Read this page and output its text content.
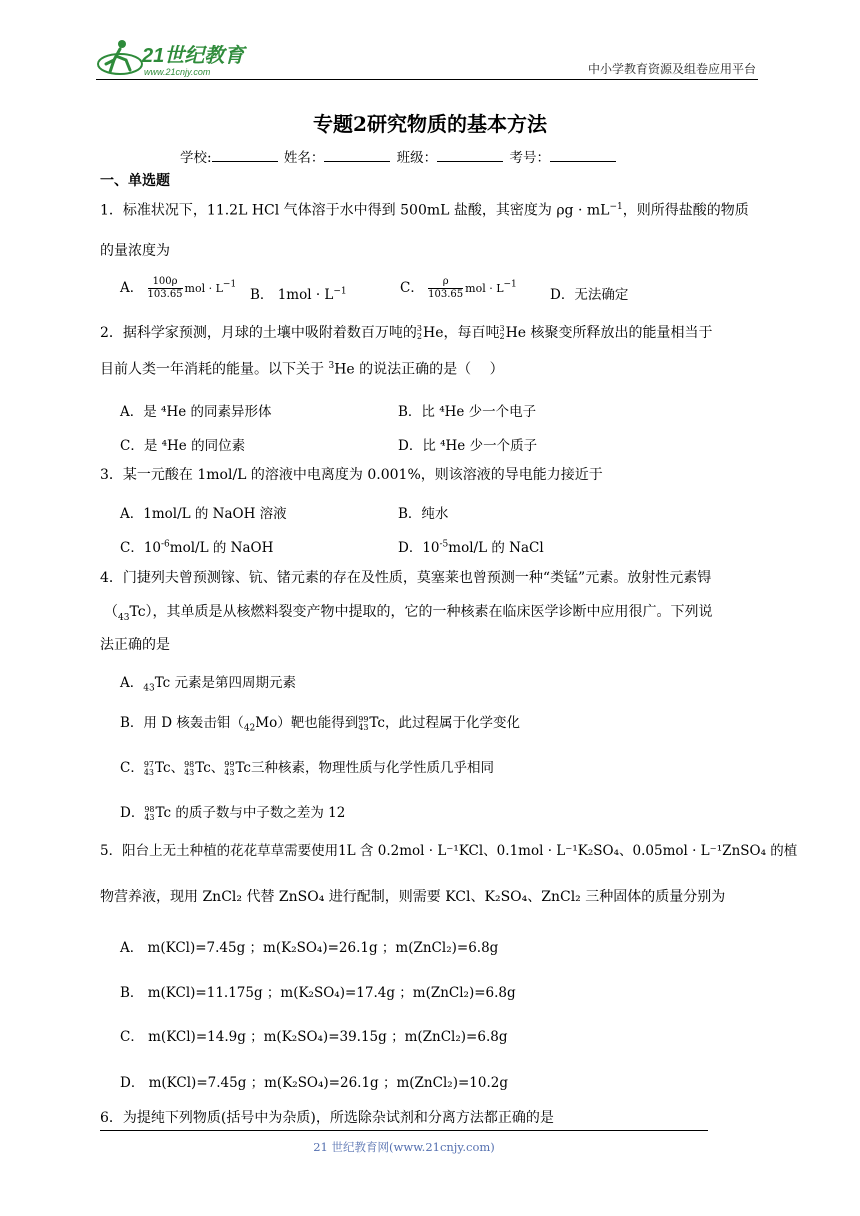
21世纪教育
www.21cnjy.com	中小学教育资源及组卷应用平台
专题2研究物质的基本方法
学校:	姓名：	班级：	考号：
一、单选题
1．标准状况下，11.2L HCl 气体溶于水中得到 500mL 盐酸，其密度为 $\rho g \cdot mL^{-1}$，则所得盐酸的物质
的量浓度为
A． $\frac{100\rho}{103.65}$ mol · $L^{-1}$
B． $1mol \cdot L^{-1}$	C． $\frac{\rho}{103.65}$ mol · $L^{-1}$
D．无法确定
2．据科学家预测，月球的土壤中吸附着数百万吨的 3
2 He，每百吨 3
2 He 核聚变所释放出的能量相当于
目前人类一年消耗的能量。以下关于 $^3$He 的说法正确的是（　 ）
A．是 ⁴He 的同素异形体	B．比 ⁴He 少一个电子
C．是 ⁴He 的同位素	D．比 ⁴He 少一个质子
3．某一元酸在 1mol/L 的溶液中电离度为 0.001%，则该溶液的导电能力接近于
A．1mol/L 的 NaOH 溶液	B．纯水
C．$10^{-6}mol/L$ 的 NaOH	D．$10^{-5}mol/L$ 的 NaCl
4．门捷列夫曾预测镓、钪、锗元素的存在及性质，莫塞莱也曾预测一种“类锰”元素。放射性元素锝
$(_{43}Tc)$，其单质是从核燃料裂变产物中提取的，它的一种核素在临床医学诊断中应用很广。下列说
法正确的是
A．$_{43}$Tc 元素是第四周期元素
B．用 D 核轰击钼$(_{42}Mo)$靶也能得到 99
43 Tc，此过程属于化学变化
C． 97
43 Tc、 98
43 Tc、 99
43 Tc三种核素，物理性质与化学性质几乎相同
D． 98
43 Tc 的质子数与中子数之差为 12
5．阳台上无土种植的花花草草需要使用1L 含 0.2mol · L⁻¹KCl、0.1mol · L⁻¹K₂SO₄、0.05mol · L⁻¹ZnSO₄ 的植
物营养液，现用 ZnCl₂ 代替 ZnSO₄ 进行配制，则需要 KCl、K₂SO₄、ZnCl₂ 三种固体的质量分别为
A． m(KCl)=7.45g ；m(K₂SO₄)=26.1g ；m(ZnCl₂)=6.8g
B． m(KCl)=11.175g ；m(K₂SO₄)=17.4g ；m(ZnCl₂)=6.8g
C． m(KCl)=14.9g ；m(K₂SO₄)=39.15g ；m(ZnCl₂)=6.8g
D． m(KCl)=7.45g ；m(K₂SO₄)=26.1g ；m(ZnCl₂)=10.2g
6．为提纯下列物质(括号中为杂质)，所选除杂试剂和分离方法都正确的是
21 世纪教育网(www.21cnjy.com)
